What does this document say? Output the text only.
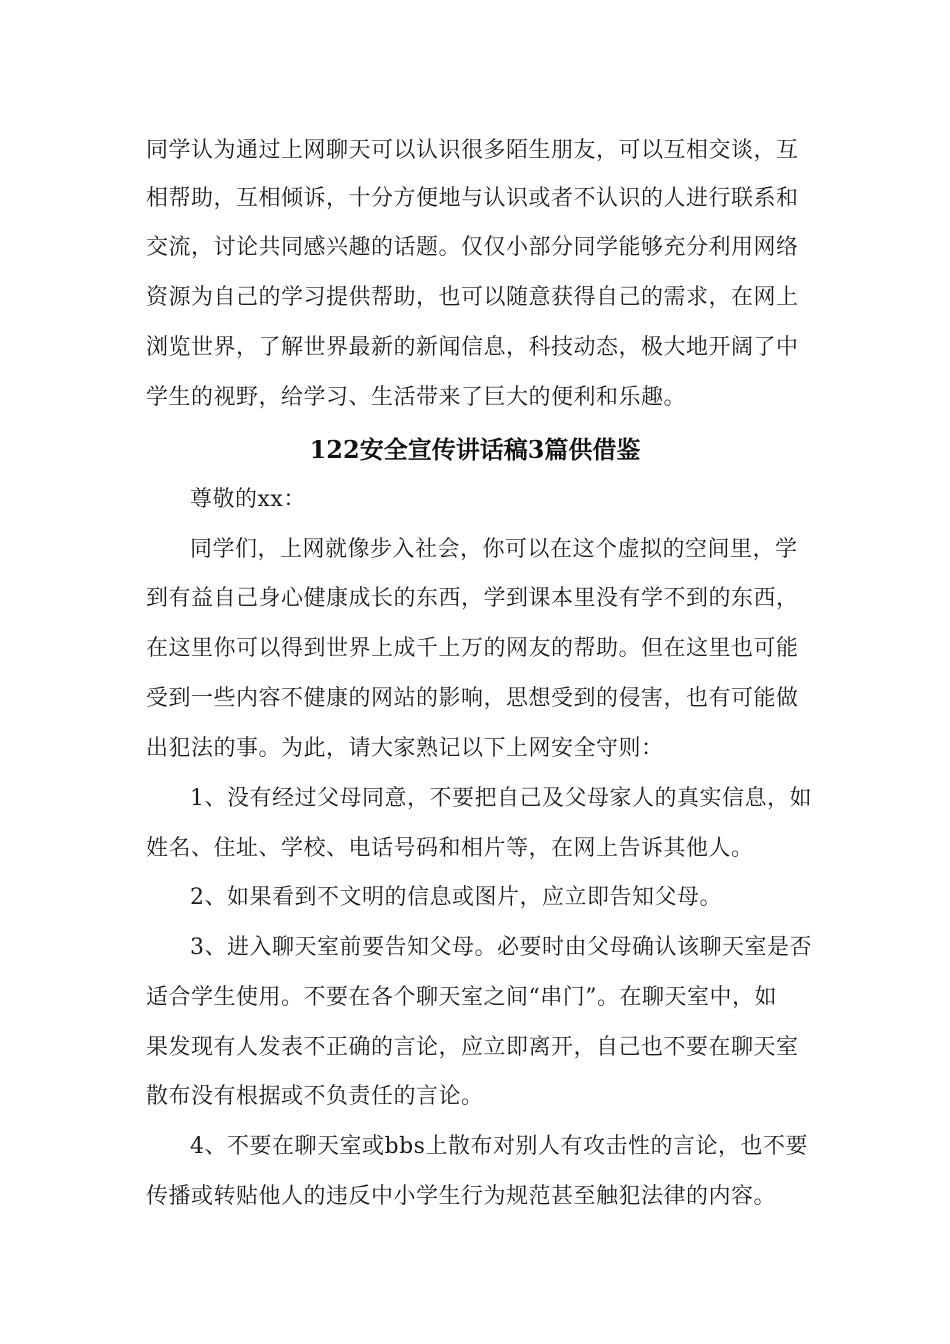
同学认为通过上网聊天可以认识很多陌生朋友，可以互相交谈，互
相帮助，互相倾诉，十分方便地与认识或者不认识的人进行联系和
交流，讨论共同感兴趣的话题。仅仅小部分同学能够充分利用网络
资源为自己的学习提供帮助，也可以随意获得自己的需求，在网上
浏览世界，了解世界最新的新闻信息，科技动态，极大地开阔了中
学生的视野，给学习、生活带来了巨大的便利和乐趣。
122安全宣传讲话稿3篇供借鉴
尊敬的xx：
同学们，上网就像步入社会，你可以在这个虚拟的空间里，学
到有益自己身心健康成长的东西，学到课本里没有学不到的东西，
在这里你可以得到世界上成千上万的网友的帮助。但在这里也可能
受到一些内容不健康的网站的影响，思想受到的侵害，也有可能做
出犯法的事。为此，请大家熟记以下上网安全守则：
1、没有经过父母同意，不要把自己及父母家人的真实信息，如
姓名、住址、学校、电话号码和相片等，在网上告诉其他人。
2、如果看到不文明的信息或图片，应立即告知父母。
3、进入聊天室前要告知父母。必要时由父母确认该聊天室是否
适合学生使用。不要在各个聊天室之间“串门”。在聊天室中，如
果发现有人发表不正确的言论，应立即离开，自己也不要在聊天室
散布没有根据或不负责任的言论。
4、不要在聊天室或bbs上散布对别人有攻击性的言论，也不要
传播或转贴他人的违反中小学生行为规范甚至触犯法律的内容。
